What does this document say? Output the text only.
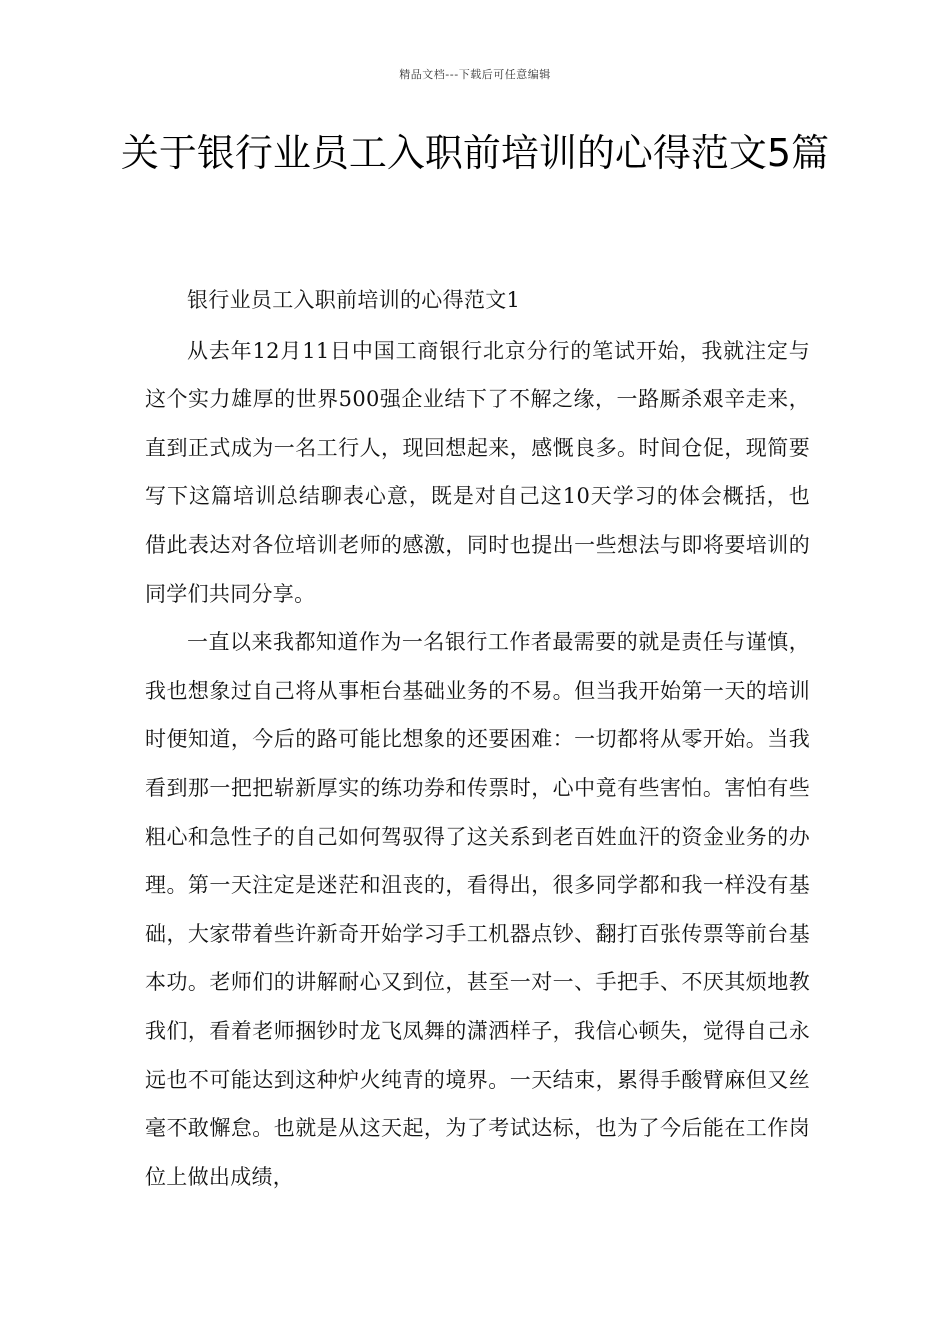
精品文档---下载后可任意编辑
关于银行业员工入职前培训的心得范文5篇

银行业员工入职前培训的心得范文1

从去年12月11日中国工商银行北京分行的笔试开始，我就注定与这个实力雄厚的世界500强企业结下了不解之缘，一路厮杀艰辛走来，直到正式成为一名工行人，现回想起来，感慨良多。时间仓促，现简要写下这篇培训总结聊表心意，既是对自己这10天学习的体会概括，也借此表达对各位培训老师的感激，同时也提出一些想法与即将要培训的同学们共同分享。

一直以来我都知道作为一名银行工作者最需要的就是责任与谨慎，我也想象过自己将从事柜台基础业务的不易。但当我开始第一天的培训时便知道，今后的路可能比想象的还要困难：一切都将从零开始。当我看到那一把把崭新厚实的练功券和传票时，心中竟有些害怕。害怕有些粗心和急性子的自己如何驾驭得了这关系到老百姓血汗的资金业务的办理。第一天注定是迷茫和沮丧的，看得出，很多同学都和我一样没有基础，大家带着些许新奇开始学习手工机器点钞、翻打百张传票等前台基本功。老师们的讲解耐心又到位，甚至一对一、手把手、不厌其烦地教我们，看着老师捆钞时龙飞凤舞的潇洒样子，我信心顿失，觉得自己永远也不可能达到这种炉火纯青的境界。一天结束，累得手酸臂麻但又丝毫不敢懈怠。也就是从这天起，为了考试达标，也为了今后能在工作岗位上做出成绩，
